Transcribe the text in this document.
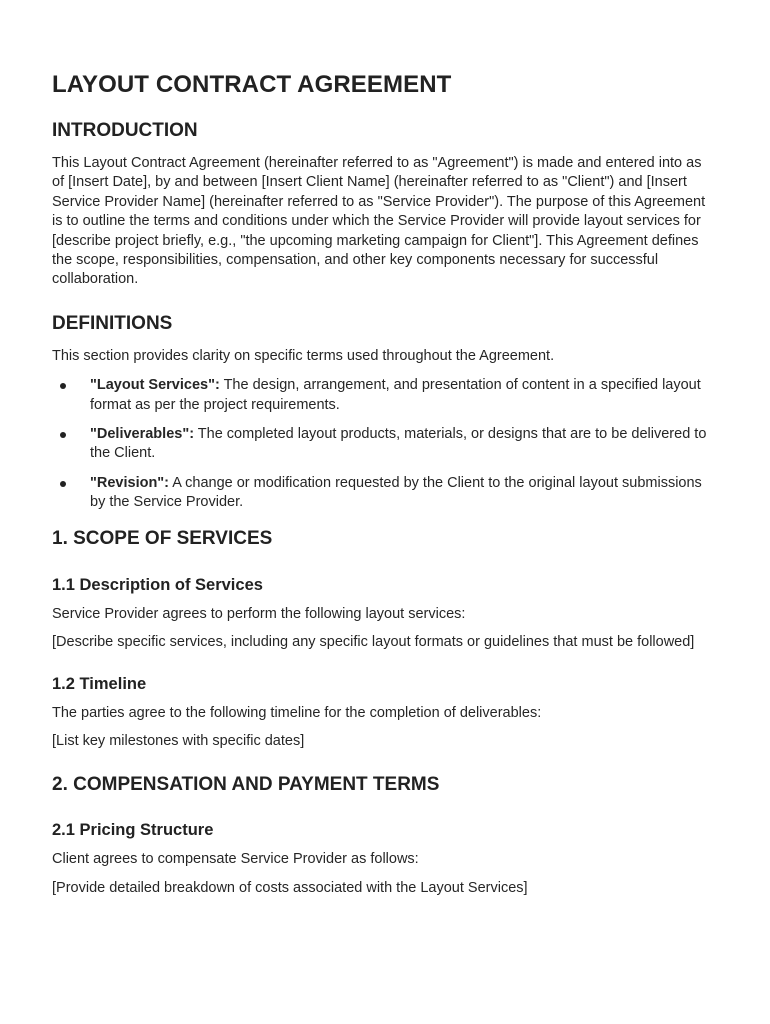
LAYOUT CONTRACT AGREEMENT
INTRODUCTION

This Layout Contract Agreement (hereinafter referred to as "Agreement") is made and entered into as of [Insert Date], by and between [Insert Client Name] (hereinafter referred to as "Client") and [Insert Service Provider Name] (hereinafter referred to as "Service Provider"). The purpose of this Agreement is to outline the terms and conditions under which the Service Provider will provide layout services for [describe project briefly, e.g., "the upcoming marketing campaign for Client"]. This Agreement defines the scope, responsibilities, compensation, and other key components necessary for successful collaboration.

DEFINITIONS

This section provides clarity on specific terms used throughout the Agreement.

"Layout Services": The design, arrangement, and presentation of content in a specified layout format as per the project requirements.
"Deliverables": The completed layout products, materials, or designs that are to be delivered to the Client.
"Revision": A change or modification requested by the Client to the original layout submissions by the Service Provider.
1. SCOPE OF SERVICES
1.1 Description of Services

Service Provider agrees to perform the following layout services:

[Describe specific services, including any specific layout formats or guidelines that must be followed]

1.2 Timeline

The parties agree to the following timeline for the completion of deliverables:

[List key milestones with specific dates]

2. COMPENSATION AND PAYMENT TERMS
2.1 Pricing Structure

Client agrees to compensate Service Provider as follows:

[Provide detailed breakdown of costs associated with the Layout Services]
